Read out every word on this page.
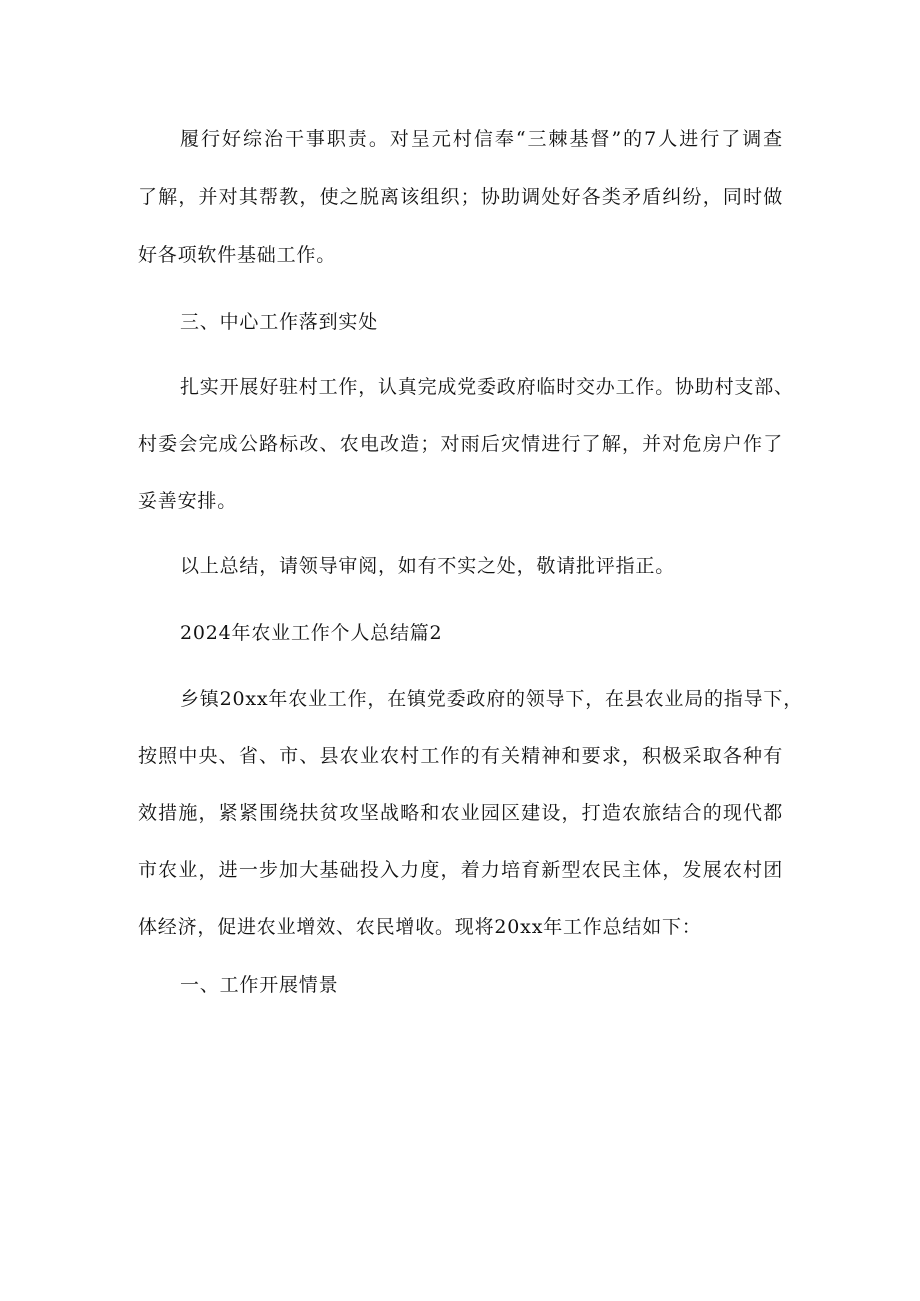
履行好综治干事职责。对呈元村信奉“三棘基督”的7人进行了调查
了解，并对其帮教，使之脱离该组织；协助调处好各类矛盾纠纷，同时做
好各项软件基础工作。
三、中心工作落到实处
扎实开展好驻村工作，认真完成党委政府临时交办工作。协助村支部、
村委会完成公路标改、农电改造；对雨后灾情进行了解，并对危房户作了
妥善安排。
以上总结，请领导审阅，如有不实之处，敬请批评指正。
2024年农业工作个人总结篇2
乡镇20xx年农业工作，在镇党委政府的领导下，在县农业局的指导下，
按照中央、省、市、县农业农村工作的有关精神和要求，积极采取各种有
效措施，紧紧围绕扶贫攻坚战略和农业园区建设，打造农旅结合的现代都
市农业，进一步加大基础投入力度，着力培育新型农民主体，发展农村团
体经济，促进农业增效、农民增收。现将20xx年工作总结如下：
一、工作开展情景
